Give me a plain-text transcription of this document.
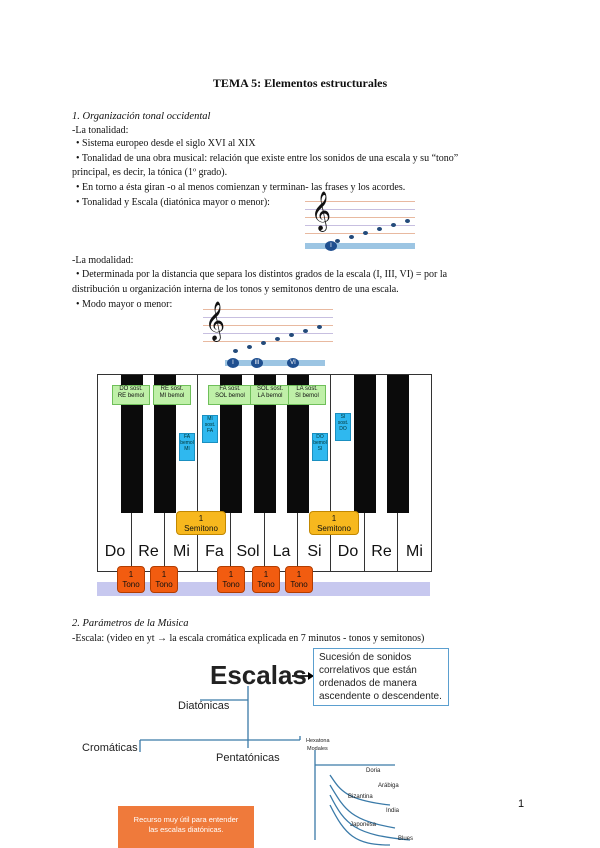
TEMA 5: Elementos estructurales
1. Organización tonal occidental
-La tonalidad:
• Sistema europeo desde el siglo XVI al XIX
• Tonalidad de una obra musical: relación que existe entre los sonidos de una escala y su “tono”
principal, es decir, la tónica (1º grado).
• En torno a ésta giran -o al menos comienzan y terminan- las frases y los acordes.
• Tonalidad y Escala (diatónica mayor o menor): 𝄞
I
-La modalidad:
• Determinada por la distancia que separa los distintos grados de la escala (I, III, VI) = por la
distribución u organización interna de los tonos y semitonos dentro de una escala.
• Modo mayor o menor: 𝄞
I	III	VI
DO sost.
RE bemol
RE sost.
MI bemol
FA sost.
SOL bemol
SOL sost.
LA bemol
LA sost.
SI bemol
FA
bemol
MI
MI
sost.
FA
DO
bemol
SI
SI
sost.
DO
1
Semitono
1
Semitono
Do Re Mi Fa Sol La	Si	Do Re Mi
1
Tono
1
Tono
1
Tono
1
Tono
1
Tono
2. Parámetros de la Música
-Escala: (video en yt → la escala cromática explicada en 7 minutos - tonos y semitonos)
Escalas
Sucesión de sonidos
correlativos que están
ordenados de manera
ascendente o descendente.
Diatónicas
Cromáticas
Pentatónicas
Hexatona
Modales
Doria
Arábiga
Bizantina
India
Japonesa
Blues
Recurso muy útil para entender
las escalas diatónicas.
1
